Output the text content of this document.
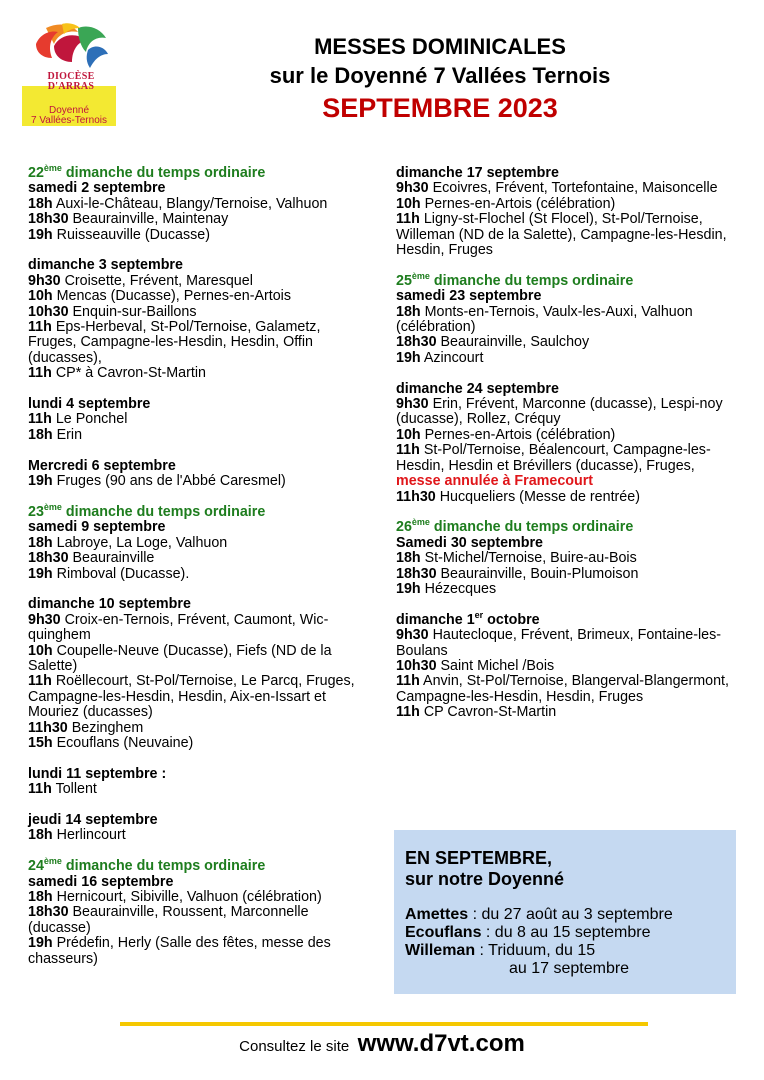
DIOCÈSE
D'ARRAS
Doyenné
7 Vallées-Ternois
MESSES DOMINICALES
sur le Doyenné 7 Vallées Ternois
SEPTEMBRE 2023
22ème dimanche du temps ordinaire
samedi 2 septembre
18h Auxi-le-Château, Blangy/Ternoise, Valhuon
18h30 Beaurainville, Maintenay
19h Ruisseauville (Ducasse)
dimanche 3 septembre
9h30 Croisette, Frévent, Maresquel
10h Mencas (Ducasse), Pernes-en-Artois
10h30 Enquin-sur-Baillons
11h Eps-Herbeval, St-Pol/Ternoise, Galametz, Fruges, Campagne-les-Hesdin, Hesdin, Offin (ducasses),
11h CP* à Cavron-St-Martin
lundi 4 septembre
11h Le Ponchel
18h Erin
Mercredi 6 septembre
19h Fruges (90 ans de l'Abbé Caresmel)
23ème dimanche du temps ordinaire
samedi 9 septembre
18h Labroye, La Loge, Valhuon
18h30 Beaurainville
19h Rimboval (Ducasse).
dimanche 10 septembre
9h30 Croix-en-Ternois, Frévent, Caumont, Wic-quinghem
10h Coupelle-Neuve (Ducasse), Fiefs (ND de la Salette)
11h Roëllecourt, St-Pol/Ternoise, Le Parcq, Fruges, Campagne-les-Hesdin, Hesdin, Aix-en-Issart et Mouriez (ducasses)
11h30 Bezinghem
15h Ecouflans (Neuvaine)
lundi 11 septembre :
11h Tollent
jeudi 14 septembre
18h Herlincourt
24ème dimanche du temps ordinaire
samedi 16 septembre
18h Hernicourt, Sibiville, Valhuon (célébration)
18h30 Beaurainville, Roussent, Marconnelle (ducasse)
19h Prédefin, Herly (Salle des fêtes, messe des chasseurs)
dimanche 17 septembre
9h30 Ecoivres, Frévent, Tortefontaine, Maisoncelle
10h Pernes-en-Artois (célébration)
11h Ligny-st-Flochel (St Flocel), St-Pol/Ternoise, Willeman (ND de la Salette), Campagne-les-Hesdin, Hesdin, Fruges
25ème dimanche du temps ordinaire
samedi 23 septembre
18h Monts-en-Ternois, Vaulx-les-Auxi, Valhuon (célébration)
18h30 Beaurainville, Saulchoy
19h Azincourt
dimanche 24 septembre
9h30 Erin, Frévent, Marconne (ducasse), Lespi-noy (ducasse), Rollez, Créquy
10h Pernes-en-Artois (célébration)
11h St-Pol/Ternoise, Béalencourt, Campagne-les-Hesdin, Hesdin et Brévillers (ducasse), Fruges,
messe annulée à Framecourt
11h30 Hucqueliers (Messe de rentrée)
26ème dimanche du temps ordinaire
Samedi 30 septembre
18h St-Michel/Ternoise, Buire-au-Bois
18h30 Beaurainville, Bouin-Plumoison
19h Hézecques
dimanche 1er octobre
9h30 Hautecloque, Frévent, Brimeux, Fontaine-les-Boulans
10h30 Saint Michel /Bois
11h Anvin, St-Pol/Ternoise, Blangerval-Blangermont, Campagne-les-Hesdin, Hesdin, Fruges
11h CP Cavron-St-Martin
EN SEPTEMBRE,
sur notre Doyenné
Amettes : du 27 août au 3 septembre
Ecouflans : du 8 au 15 septembre
Willeman : Triduum, du 15
au 17 septembre
Consultez le site www.d7vt.com
